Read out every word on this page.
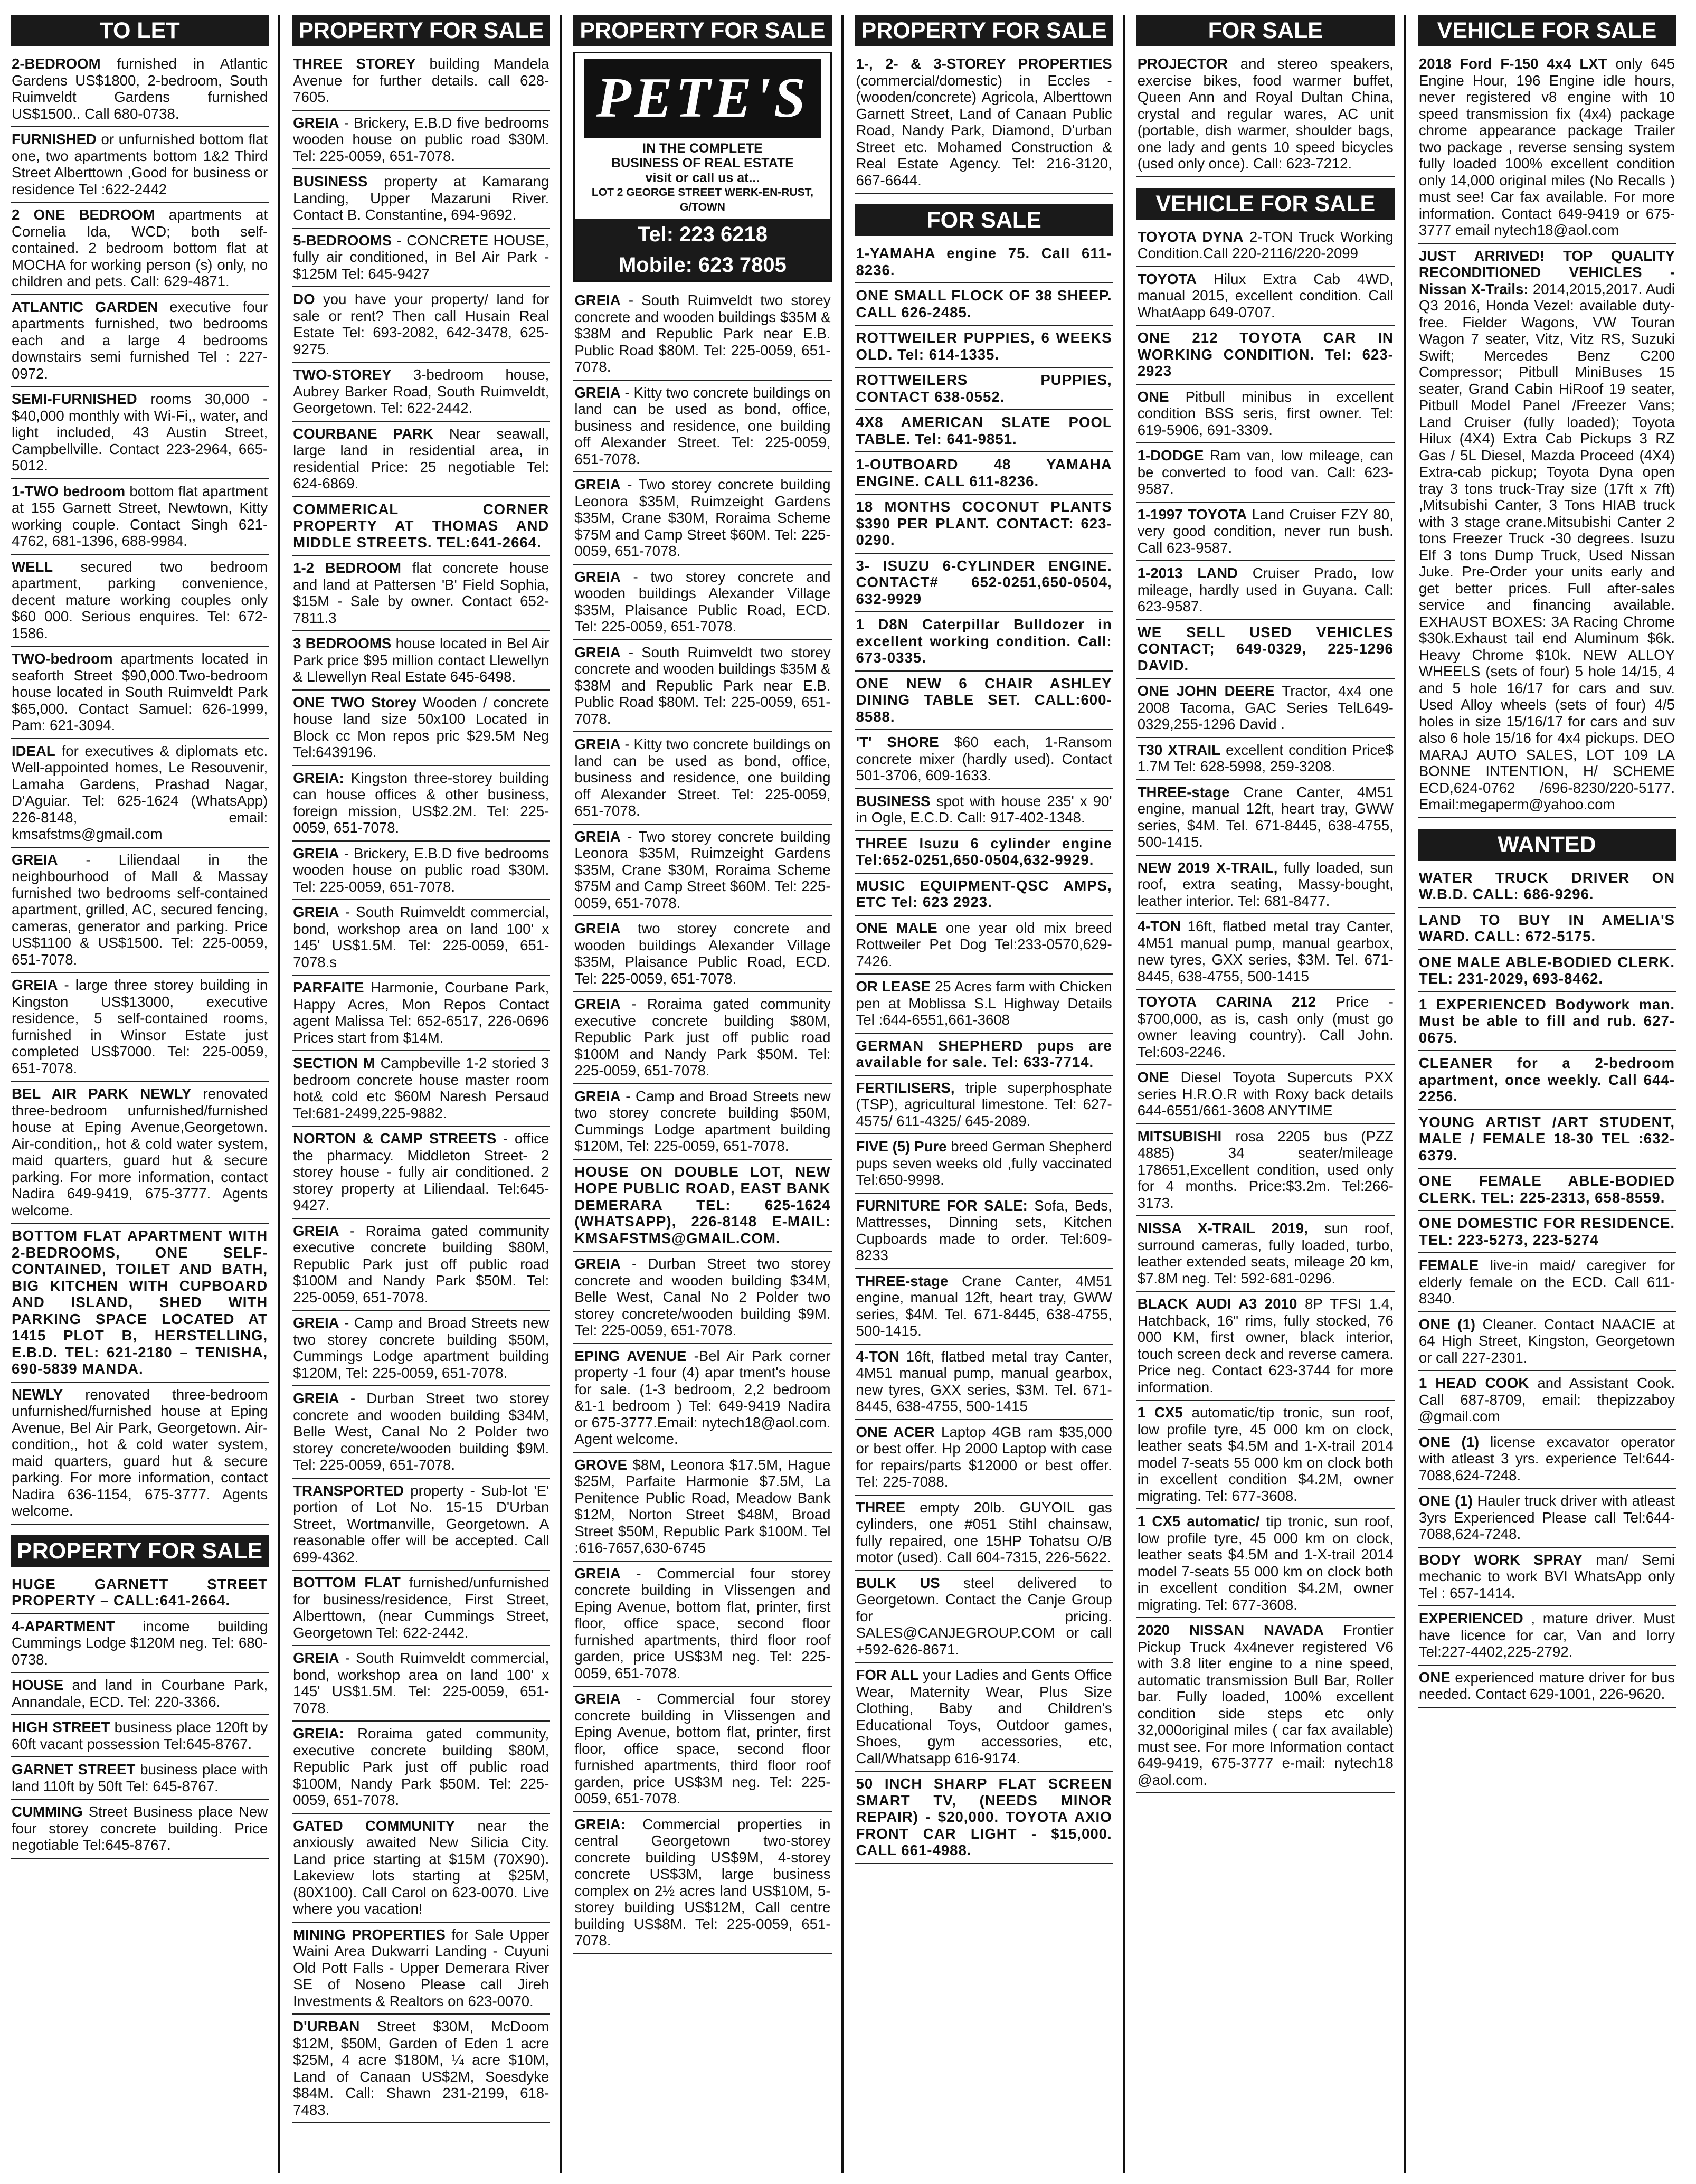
TO LET
2-BEDROOM furnished in Atlantic Gardens US$1800, 2-bedroom, South Ruimveldt Gardens furnished US$1500.. Call 680-0738.
FURNISHED or unfurnished bottom flat one, two apartments bottom 1&2 Third Street Alberttown ,Good for business or residence Tel :622-2442
2 ONE BEDROOM apartments at Cornelia Ida, WCD; both self-contained. 2 bedroom bottom flat at MOCHA for working person (s) only, no children and pets. Call: 629-4871.
ATLANTIC GARDEN executive four apartments furnished, two bedrooms each and a large 4 bedrooms downstairs semi furnished Tel : 227-0972.
SEMI-FURNISHED rooms 30,000 - $40,000 monthly with Wi-Fi,, water, and light included, 43 Austin Street, Campbellville. Contact 223-2964, 665-5012.
1-TWO bedroom bottom flat apartment at 155 Garnett Street, Newtown, Kitty working couple. Contact Singh 621-4762, 681-1396, 688-9984.
WELL secured two bedroom apartment, parking convenience, decent mature working couples only $60 000. Serious enquires. Tel: 672-1586.
TWO-bedroom apartments located in seaforth Street $90,000.Two-bedroom house located in South Ruimveldt Park $65,000. Contact Samuel: 626-1999, Pam: 621-3094.
IDEAL for executives & diplomats etc. Well-appointed homes, Le Resouvenir, Lamaha Gardens, Prashad Nagar, D'Aguiar. Tel: 625-1624 (WhatsApp) 226-8148, email: kmsafstms@gmail.com
GREIA - Liliendaal in the neighbourhood of Mall & Massay furnished two bedrooms self-contained apartment, grilled, AC, secured fencing, cameras, generator and parking. Price US$1100 & US$1500. Tel: 225-0059, 651-7078.
GREIA - large three storey building in Kingston US$13000, executive residence, 5 self-contained rooms, furnished in Winsor Estate just completed US$7000. Tel: 225-0059, 651-7078.
BEL AIR PARK NEWLY renovated three-bedroom unfurnished/furnished house at Eping Avenue,Georgetown. Air-condition,, hot & cold water system, maid quarters, guard hut & secure parking. For more information, contact Nadira 649-9419, 675-3777. Agents welcome.
BOTTOM FLAT APARTMENT WITH 2-BEDROOMS, ONE SELF-CONTAINED, TOILET AND BATH, BIG KITCHEN WITH CUPBOARD AND ISLAND, SHED WITH PARKING SPACE LOCATED AT 1415 PLOT B, HERSTELLING, E.B.D. TEL: 621-2180 – TENISHA, 690-5839 MANDA.
NEWLY renovated three-bedroom unfurnished/furnished house at Eping Avenue, Bel Air Park, Georgetown. Air-condition,, hot & cold water system, maid quarters, guard hut & secure parking. For more information, contact Nadira 636-1154, 675-3777. Agents welcome.
PROPERTY FOR SALE
HUGE GARNETT STREET PROPERTY – CALL:641-2664.
4-APARTMENT income building Cummings Lodge $120M neg. Tel: 680-0738.
HOUSE and land in Courbane Park, Annandale, ECD. Tel: 220-3366.
HIGH STREET business place 120ft by 60ft vacant possession Tel:645-8767.
GARNET STREET business place with land 110ft by 50ft Tel: 645-8767.
CUMMING Street Business place New four storey concrete building. Price negotiable Tel:645-8767.
PROPERTY FOR SALE
THREE STOREY building Mandela Avenue for further details. call 628-7605.
GREIA - Brickery, E.B.D five bedrooms wooden house on public road $30M. Tel: 225-0059, 651-7078.
BUSINESS property at Kamarang Landing, Upper Mazaruni River. Contact B. Constantine, 694-9692.
5-BEDROOMS - CONCRETE HOUSE, fully air conditioned, in Bel Air Park - $125M Tel: 645-9427
DO you have your property/ land for sale or rent? Then call Husain Real Estate Tel: 693-2082, 642-3478, 625-9275.
TWO-STOREY 3-bedroom house, Aubrey Barker Road, South Ruimveldt, Georgetown. Tel: 622-2442.
COURBANE PARK Near seawall, large land in residential area, in residential Price: 25 negotiable Tel: 624-6869.
COMMERICAL CORNER PROPERTY AT THOMAS AND MIDDLE STREETS. TEL:641-2664.
1-2 BEDROOM flat concrete house and land at Pattersen 'B' Field Sophia, $15M - Sale by owner. Contact 652-7811.3
3 BEDROOMS house located in Bel Air Park price $95 million contact Llewellyn & Llewellyn Real Estate 645-6498.
ONE TWO Storey Wooden / concrete house land size 50x100 Located in Block cc Mon repos pric $29.5M Neg Tel:6439196.
GREIA: Kingston three-storey building can house offices & other business, foreign mission, US$2.2M. Tel: 225-0059, 651-7078.
GREIA - Brickery, E.B.D five bedrooms wooden house on public road $30M. Tel: 225-0059, 651-7078.
GREIA - South Ruimveldt commercial, bond, workshop area on land 100' x 145' US$1.5M. Tel: 225-0059, 651-7078.s
PARFAITE Harmonie, Courbane Park, Happy Acres, Mon Repos Contact agent Malissa Tel: 652-6517, 226-0696 Prices start from $14M.
SECTION M Campbeville 1-2 storied 3 bedroom concrete house master room hot& cold etc $60M Naresh Persaud Tel:681-2499,225-9882.
NORTON & CAMP STREETS - office the pharmacy. Middleton Street- 2 storey house - fully air conditioned. 2 storey property at Liliendaal. Tel:645-9427.
GREIA - Roraima gated community executive concrete building $80M, Republic Park just off public road $100M and Nandy Park $50M. Tel: 225-0059, 651-7078.
GREIA - Camp and Broad Streets new two storey concrete building $50M, Cummings Lodge apartment building $120M, Tel: 225-0059, 651-7078.
GREIA - Durban Street two storey concrete and wooden building $34M, Belle West, Canal No 2 Polder two storey concrete/wooden building $9M. Tel: 225-0059, 651-7078.
TRANSPORTED property - Sub-lot 'E' portion of Lot No. 15-15 D'Urban Street, Wortmanville, Georgetown. A reasonable offer will be accepted. Call 699-4362.
BOTTOM FLAT furnished/unfurnished for business/residence, First Street, Alberttown, (near Cummings Street, Georgetown Tel: 622-2442.
GREIA - South Ruimveldt commercial, bond, workshop area on land 100' x 145' US$1.5M. Tel: 225-0059, 651-7078.
GREIA: Roraima gated community, executive concrete building $80M, Republic Park just off public road $100M, Nandy Park $50M. Tel: 225-0059, 651-7078.
GATED COMMUNITY near the anxiously awaited New Silicia City. Land price starting at $15M (70X90). Lakeview lots starting at $25M, (80X100). Call Carol on 623-0070. Live where you vacation!
MINING PROPERTIES for Sale Upper Waini Area Dukwarri Landing - Cuyuni Old Pott Falls - Upper Demerara River SE of Noseno Please call Jireh Investments & Realtors on 623-0070.
D'URBAN Street $30M, McDoom $12M, $50M, Garden of Eden 1 acre $25M, 4 acre $180M, ¼ acre $10M, Land of Canaan US$2M, Soesdyke $84M. Call: Shawn 231-2199, 618-7483.
PROPERTY FOR SALE
PETE'S
IN THE COMPLETE
BUSINESS OF REAL ESTATE
visit or call us at...
LOT 2 GEORGE STREET WERK-EN-RUST, G/TOWN
Tel: 223 6218
Mobile: 623 7805
GREIA - South Ruimveldt two storey concrete and wooden buildings $35M & $38M and Republic Park near E.B. Public Road $80M. Tel: 225-0059, 651-7078.
GREIA - Kitty two concrete buildings on land can be used as bond, office, business and residence, one building off Alexander Street. Tel: 225-0059, 651-7078.
GREIA - Two storey concrete building Leonora $35M, Ruimzeight Gardens $35M, Crane $30M, Roraima Scheme $75M and Camp Street $60M. Tel: 225-0059, 651-7078.
GREIA - two storey concrete and wooden buildings Alexander Village $35M, Plaisance Public Road, ECD. Tel: 225-0059, 651-7078.
GREIA - South Ruimveldt two storey concrete and wooden buildings $35M & $38M and Republic Park near E.B. Public Road $80M. Tel: 225-0059, 651-7078.
GREIA - Kitty two concrete buildings on land can be used as bond, office, business and residence, one building off Alexander Street. Tel: 225-0059, 651-7078.
GREIA - Two storey concrete building Leonora $35M, Ruimzeight Gardens $35M, Crane $30M, Roraima Scheme $75M and Camp Street $60M. Tel: 225-0059, 651-7078.
GREIA two storey concrete and wooden buildings Alexander Village $35M, Plaisance Public Road, ECD. Tel: 225-0059, 651-7078.
GREIA - Roraima gated community executive concrete building $80M, Republic Park just off public road $100M and Nandy Park $50M. Tel: 225-0059, 651-7078.
GREIA - Camp and Broad Streets new two storey concrete building $50M, Cummings Lodge apartment building $120M, Tel: 225-0059, 651-7078.
HOUSE ON DOUBLE LOT, NEW HOPE PUBLIC ROAD, EAST BANK DEMERARA TEL: 625-1624 (WHATSAPP), 226-8148 E-MAIL: KMSAFSTMS@GMAIL.COM.
GREIA - Durban Street two storey concrete and wooden building $34M, Belle West, Canal No 2 Polder two storey concrete/wooden building $9M. Tel: 225-0059, 651-7078.
EPING AVENUE -Bel Air Park corner property -1 four (4) apar tment's house for sale. (1-3 bedroom, 2,2 bedroom &1-1 bedroom ) Tel: 649-9419 Nadira or 675-3777.Email: nytech18@aol.com. Agent welcome.
GROVE $8M, Leonora $17.5M, Hague $25M, Parfaite Harmonie $7.5M, La Penitence Public Road, Meadow Bank $12M, Norton Street $48M, Broad Street $50M, Republic Park $100M. Tel :616-7657,630-6745
GREIA - Commercial four storey concrete building in Vlissengen and Eping Avenue, bottom flat, printer, first floor, office space, second floor furnished apartments, third floor roof garden, price US$3M neg. Tel: 225-0059, 651-7078.
GREIA - Commercial four storey concrete building in Vlissengen and Eping Avenue, bottom flat, printer, first floor, office space, second floor furnished apartments, third floor roof garden, price US$3M neg. Tel: 225-0059, 651-7078.
GREIA: Commercial properties in central Georgetown two-storey concrete building US$9M, 4-storey concrete US$3M, large business complex on 2½ acres land US$10M, 5-storey building US$12M, Call centre building US$8M. Tel: 225-0059, 651-7078.
PROPERTY FOR SALE
1-, 2- & 3-STOREY PROPERTIES (commercial/domestic) in Eccles - (wooden/concrete) Agricola, Alberttown Garnett Street, Land of Canaan Public Road, Nandy Park, Diamond, D'urban Street etc. Mohamed Construction & Real Estate Agency. Tel: 216-3120, 667-6644.
FOR SALE
1-YAMAHA engine 75. Call 611-8236.
ONE SMALL FLOCK OF 38 SHEEP. CALL 626-2485.
ROTTWEILER PUPPIES, 6 WEEKS OLD. Tel: 614-1335.
ROTTWEILERS PUPPIES, CONTACT 638-0552.
4X8 AMERICAN SLATE POOL TABLE. Tel: 641-9851.
1-OUTBOARD 48 YAMAHA ENGINE. CALL 611-8236.
18 MONTHS COCONUT PLANTS $390 PER PLANT. CONTACT: 623-0290.
3- ISUZU 6-CYLINDER ENGINE. CONTACT# 652-0251,650-0504, 632-9929
1 D8N Caterpillar Bulldozer in excellent working condition. Call: 673-0335.
ONE NEW 6 CHAIR ASHLEY DINING TABLE SET. CALL:600-8588.
'T' SHORE $60 each, 1-Ransom concrete mixer (hardly used). Contact 501-3706, 609-1633.
BUSINESS spot with house 235' x 90' in Ogle, E.C.D. Call: 917-402-1348.
THREE Isuzu 6 cylinder engine Tel:652-0251,650-0504,632-9929.
MUSIC EQUIPMENT-QSC AMPS, ETC Tel: 623 2923.
ONE MALE one year old mix breed Rottweiler Pet Dog Tel:233-0570,629-7426.
OR LEASE 25 Acres farm with Chicken pen at Moblissa S.L Highway Details Tel :644-6551,661-3608
GERMAN SHEPHERD pups are available for sale. Tel: 633-7714.
FERTILISERS, triple superphosphate (TSP), agricultural limestone. Tel: 627-4575/ 611-4325/ 645-2089.
FIVE (5) Pure breed German Shepherd pups seven weeks old ,fully vaccinated Tel:650-9998.
FURNITURE FOR SALE: Sofa, Beds, Mattresses, Dinning sets, Kitchen Cupboards made to order. Tel:609-8233
THREE-stage Crane Canter, 4M51 engine, manual 12ft, heart tray, GWW series, $4M. Tel. 671-8445, 638-4755, 500-1415.
4-TON 16ft, flatbed metal tray Canter, 4M51 manual pump, manual gearbox, new tyres, GXX series, $3M. Tel. 671-8445, 638-4755, 500-1415
ONE ACER Laptop 4GB ram $35,000 or best offer. Hp 2000 Laptop with case for repairs/parts $12000 or best offer. Tel: 225-7088.
THREE empty 20lb. GUYOIL gas cylinders, one #051 Stihl chainsaw, fully repaired, one 15HP Tohatsu O/B motor (used). Call 604-7315, 226-5622.
BULK US steel delivered to Georgetown. Contact the Canje Group for pricing. SALES@CANJEGROUP.COM or call +592-626-8671.
FOR ALL your Ladies and Gents Office Wear, Maternity Wear, Plus Size Clothing, Baby and Children's Educational Toys, Outdoor games, Shoes, gym accessories, etc, Call/Whatsapp 616-9174.
50 INCH SHARP FLAT SCREEN SMART TV, (NEEDS MINOR REPAIR) - $20,000. TOYOTA AXIO FRONT CAR LIGHT - $15,000. CALL 661-4988.
FOR SALE
PROJECTOR and stereo speakers, exercise bikes, food warmer buffet, Queen Ann and Royal Dultan China, crystal and regular wares, AC unit (portable, dish warmer, shoulder bags, one lady and gents 10 speed bicycles (used only once). Call: 623-7212.
VEHICLE FOR SALE
TOYOTA DYNA 2-TON Truck Working Condition.Call 220-2116/220-2099
TOYOTA Hilux Extra Cab 4WD, manual 2015, excellent condition. Call WhatAapp 649-0707.
ONE 212 TOYOTA CAR IN WORKING CONDITION. Tel: 623-2923
ONE Pitbull minibus in excellent condition BSS seris, first owner. Tel: 619-5906, 691-3309.
1-DODGE Ram van, low mileage, can be converted to food van. Call: 623-9587.
1-1997 TOYOTA Land Cruiser FZY 80, very good condition, never run bush. Call 623-9587.
1-2013 LAND Cruiser Prado, low mileage, hardly used in Guyana. Call: 623-9587.
WE SELL USED VEHICLES CONTACT; 649-0329, 225-1296 DAVID.
ONE JOHN DEERE Tractor, 4x4 one 2008 Tacoma, GAC Series TelL649-0329,255-1296 David .
T30 XTRAIL excellent condition Price$ 1.7M Tel: 628-5998, 259-3208.
THREE-stage Crane Canter, 4M51 engine, manual 12ft, heart tray, GWW series, $4M. Tel. 671-8445, 638-4755, 500-1415.
NEW 2019 X-TRAIL, fully loaded, sun roof, extra seating, Massy-bought, leather interior. Tel: 681-8477.
4-TON 16ft, flatbed metal tray Canter, 4M51 manual pump, manual gearbox, new tyres, GXX series, $3M. Tel. 671-8445, 638-4755, 500-1415
TOYOTA CARINA 212 Price - $700,000, as is, cash only (must go owner leaving country). Call John. Tel:603-2246.
ONE Diesel Toyota Supercuts PXX series H.R.O.R with Roxy back details 644-6551/661-3608 ANYTIME
MITSUBISHI rosa 2205 bus (PZZ 4885) 34 seater/mileage 178651,Excellent condition, used only for 4 months. Price:$3.2m. Tel:266-3173.
NISSA X-TRAIL 2019, sun roof, surround cameras, fully loaded, turbo, leather extended seats, mileage 20 km, $7.8M neg. Tel: 592-681-0296.
BLACK AUDI A3 2010 8P TFSI 1.4, Hatchback, 16" rims, fully stocked, 76 000 KM, first owner, black interior, touch screen deck and reverse camera. Price neg. Contact 623-3744 for more information.
1 CX5 automatic/tip tronic, sun roof, low profile tyre, 45 000 km on clock, leather seats $4.5M and 1-X-trail 2014 model 7-seats 55 000 km on clock both in excellent condition $4.2M, owner migrating. Tel: 677-3608.
1 CX5 automatic/ tip tronic, sun roof, low profile tyre, 45 000 km on clock, leather seats $4.5M and 1-X-trail 2014 model 7-seats 55 000 km on clock both in excellent condition $4.2M, owner migrating. Tel: 677-3608.
2020 NISSAN NAVADA Frontier Pickup Truck 4x4never registered V6 with 3.8 liter engine to a nine speed, automatic transmission Bull Bar, Roller bar. Fully loaded, 100% excellent condition side steps etc only 32,000original miles ( car fax available) must see. For more Information contact 649-9419, 675-3777 e-mail: nytech18 @aol.com.
VEHICLE FOR SALE
2018 Ford F-150 4x4 LXT only 645 Engine Hour, 196 Engine idle hours, never registered v8 engine with 10 speed transmission fix (4x4) package chrome appearance package Trailer two package , reverse sensing system fully loaded 100% excellent condition only 14,000 original miles (No Recalls ) must see! Car fax available. For more information. Contact 649-9419 or 675-3777 email nytech18@aol.com
JUST ARRIVED! TOP QUALITY RECONDITIONED VEHICLES - Nissan X-Trails: 2014,2015,2017. Audi Q3 2016, Honda Vezel: available duty-free. Fielder Wagons, VW Touran Wagon 7 seater, Vitz, Vitz RS, Suzuki Swift; Mercedes Benz C200 Compressor; Pitbull MiniBuses 15 seater, Grand Cabin HiRoof 19 seater, Pitbull Model Panel /Freezer Vans; Land Cruiser (fully loaded); Toyota Hilux (4X4) Extra Cab Pickups 3 RZ Gas / 5L Diesel, Mazda Proceed (4X4) Extra-cab pickup; Toyota Dyna open tray 3 tons truck-Tray size (17ft x 7ft) ,Mitsubishi Canter, 3 Tons HIAB truck with 3 stage crane.Mitsubishi Canter 2 tons Freezer Truck -30 degrees. Isuzu Elf 3 tons Dump Truck, Used Nissan Juke. Pre-Order your units early and get better prices. Full after-sales service and financing available. EXHAUST BOXES: 3A Racing Chrome $30k.Exhaust tail end Aluminum $6k. Heavy Chrome $10k. NEW ALLOY WHEELS (sets of four) 5 hole 14/15, 4 and 5 hole 16/17 for cars and suv. Used Alloy wheels (sets of four) 4/5 holes in size 15/16/17 for cars and suv also 6 hole 15/16 for 4x4 pickups. DEO MARAJ AUTO SALES, LOT 109 LA BONNE INTENTION, H/ SCHEME ECD,624-0762 /696-8230/220-5177. Email:megaperm@yahoo.com
WANTED
WATER TRUCK DRIVER ON W.B.D. CALL: 686-9296.
LAND TO BUY IN AMELIA'S WARD. CALL: 672-5175.
ONE MALE ABLE-BODIED CLERK. TEL: 231-2029, 693-8462.
1 EXPERIENCED Bodywork man. Must be able to fill and rub. 627-0675.
CLEANER for a 2-bedroom apartment, once weekly. Call 644-2256.
YOUNG ARTIST /ART STUDENT, MALE / FEMALE 18-30 TEL :632-6379.
ONE FEMALE ABLE-BODIED CLERK. TEL: 225-2313, 658-8559.
ONE DOMESTIC FOR RESIDENCE. TEL: 223-5273, 223-5274
FEMALE live-in maid/ caregiver for elderly female on the ECD. Call 611-8340.
ONE (1) Cleaner. Contact NAACIE at 64 High Street, Kingston, Georgetown or call 227-2301.
1 HEAD COOK and Assistant Cook. Call 687-8709, email: thepizzaboy @gmail.com
ONE (1) license excavator operator with atleast 3 yrs. experience Tel:644-7088,624-7248.
ONE (1) Hauler truck driver with atleast 3yrs Experienced Please call Tel:644-7088,624-7248.
BODY WORK SPRAY man/ Semi mechanic to work BVI WhatsApp only Tel : 657-1414.
EXPERIENCED , mature driver. Must have licence for car, Van and lorry Tel:227-4402,225-2792.
ONE experienced mature driver for bus needed. Contact 629-1001, 226-9620.
